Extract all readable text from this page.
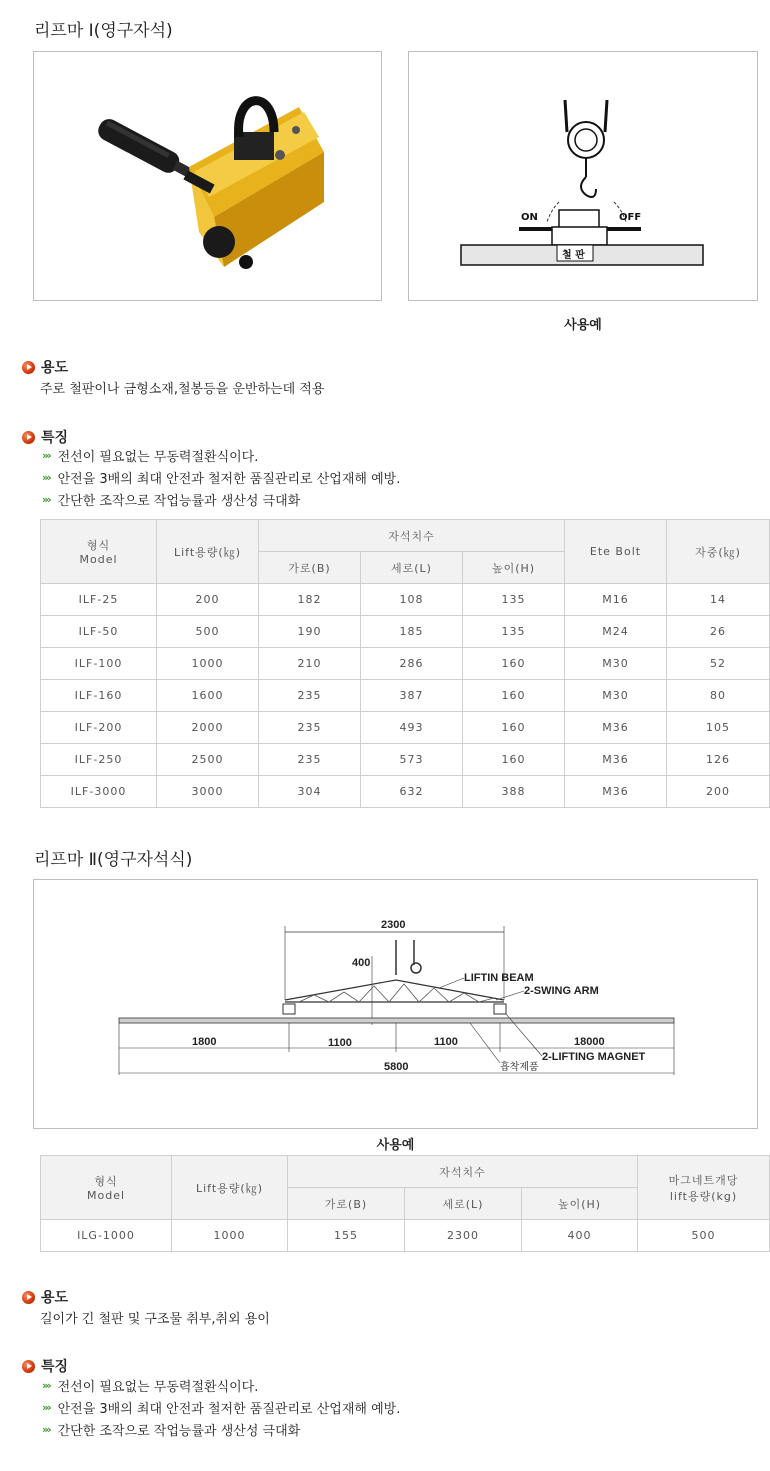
리프마 Ⅰ(영구자석)
ON	OFF
철 판
사용예
용도
주로 철판이나 금형소재,철봉등을 운반하는데 적용
특징
››› 전선이 필요없는 무동력절환식이다.
››› 안전을 3배의 최대 안전과 철저한 품질관리로 산업재해 예방.
››› 간단한 조작으로 작업능률과 생산성 극대화
형식
Model	Lift용량(㎏)	자석치수			Ete Bolt	자중(㎏)
		가로(B)	세로(L)	높이(H)		
ILF-25	200	182	108	135	M16	14
ILF-50	500	190	185	135	M24	26
ILF-100	1000	210	286	160	M30	52
ILF-160	1600	235	387	160	M30	80
ILF-200	2000	235	493	160	M36	105
ILF-250	2500	235	573	160	M36	126
ILF-3000	3000	304	632	388	M36	200
리프마 Ⅱ(영구자석식)
2300
400
LIFTIN BEAM
2-SWING ARM
1800	1100	1100	18000
2-LIFTING MAGNET
5800	흡착제품
사용예
형식
Model	Lift용량(㎏)	자석치수			마그네트개당
lift용량(kg)
		가로(B)	세로(L)	높이(H)	
ILG-1000	1000	155	2300	400	500
용도
길이가 긴 철판 및 구조물 취부,취외 용이
특징
››› 전선이 필요없는 무동력절환식이다.
››› 안전을 3배의 최대 안전과 철저한 품질관리로 산업재해 예방.
››› 간단한 조작으로 작업능률과 생산성 극대화
